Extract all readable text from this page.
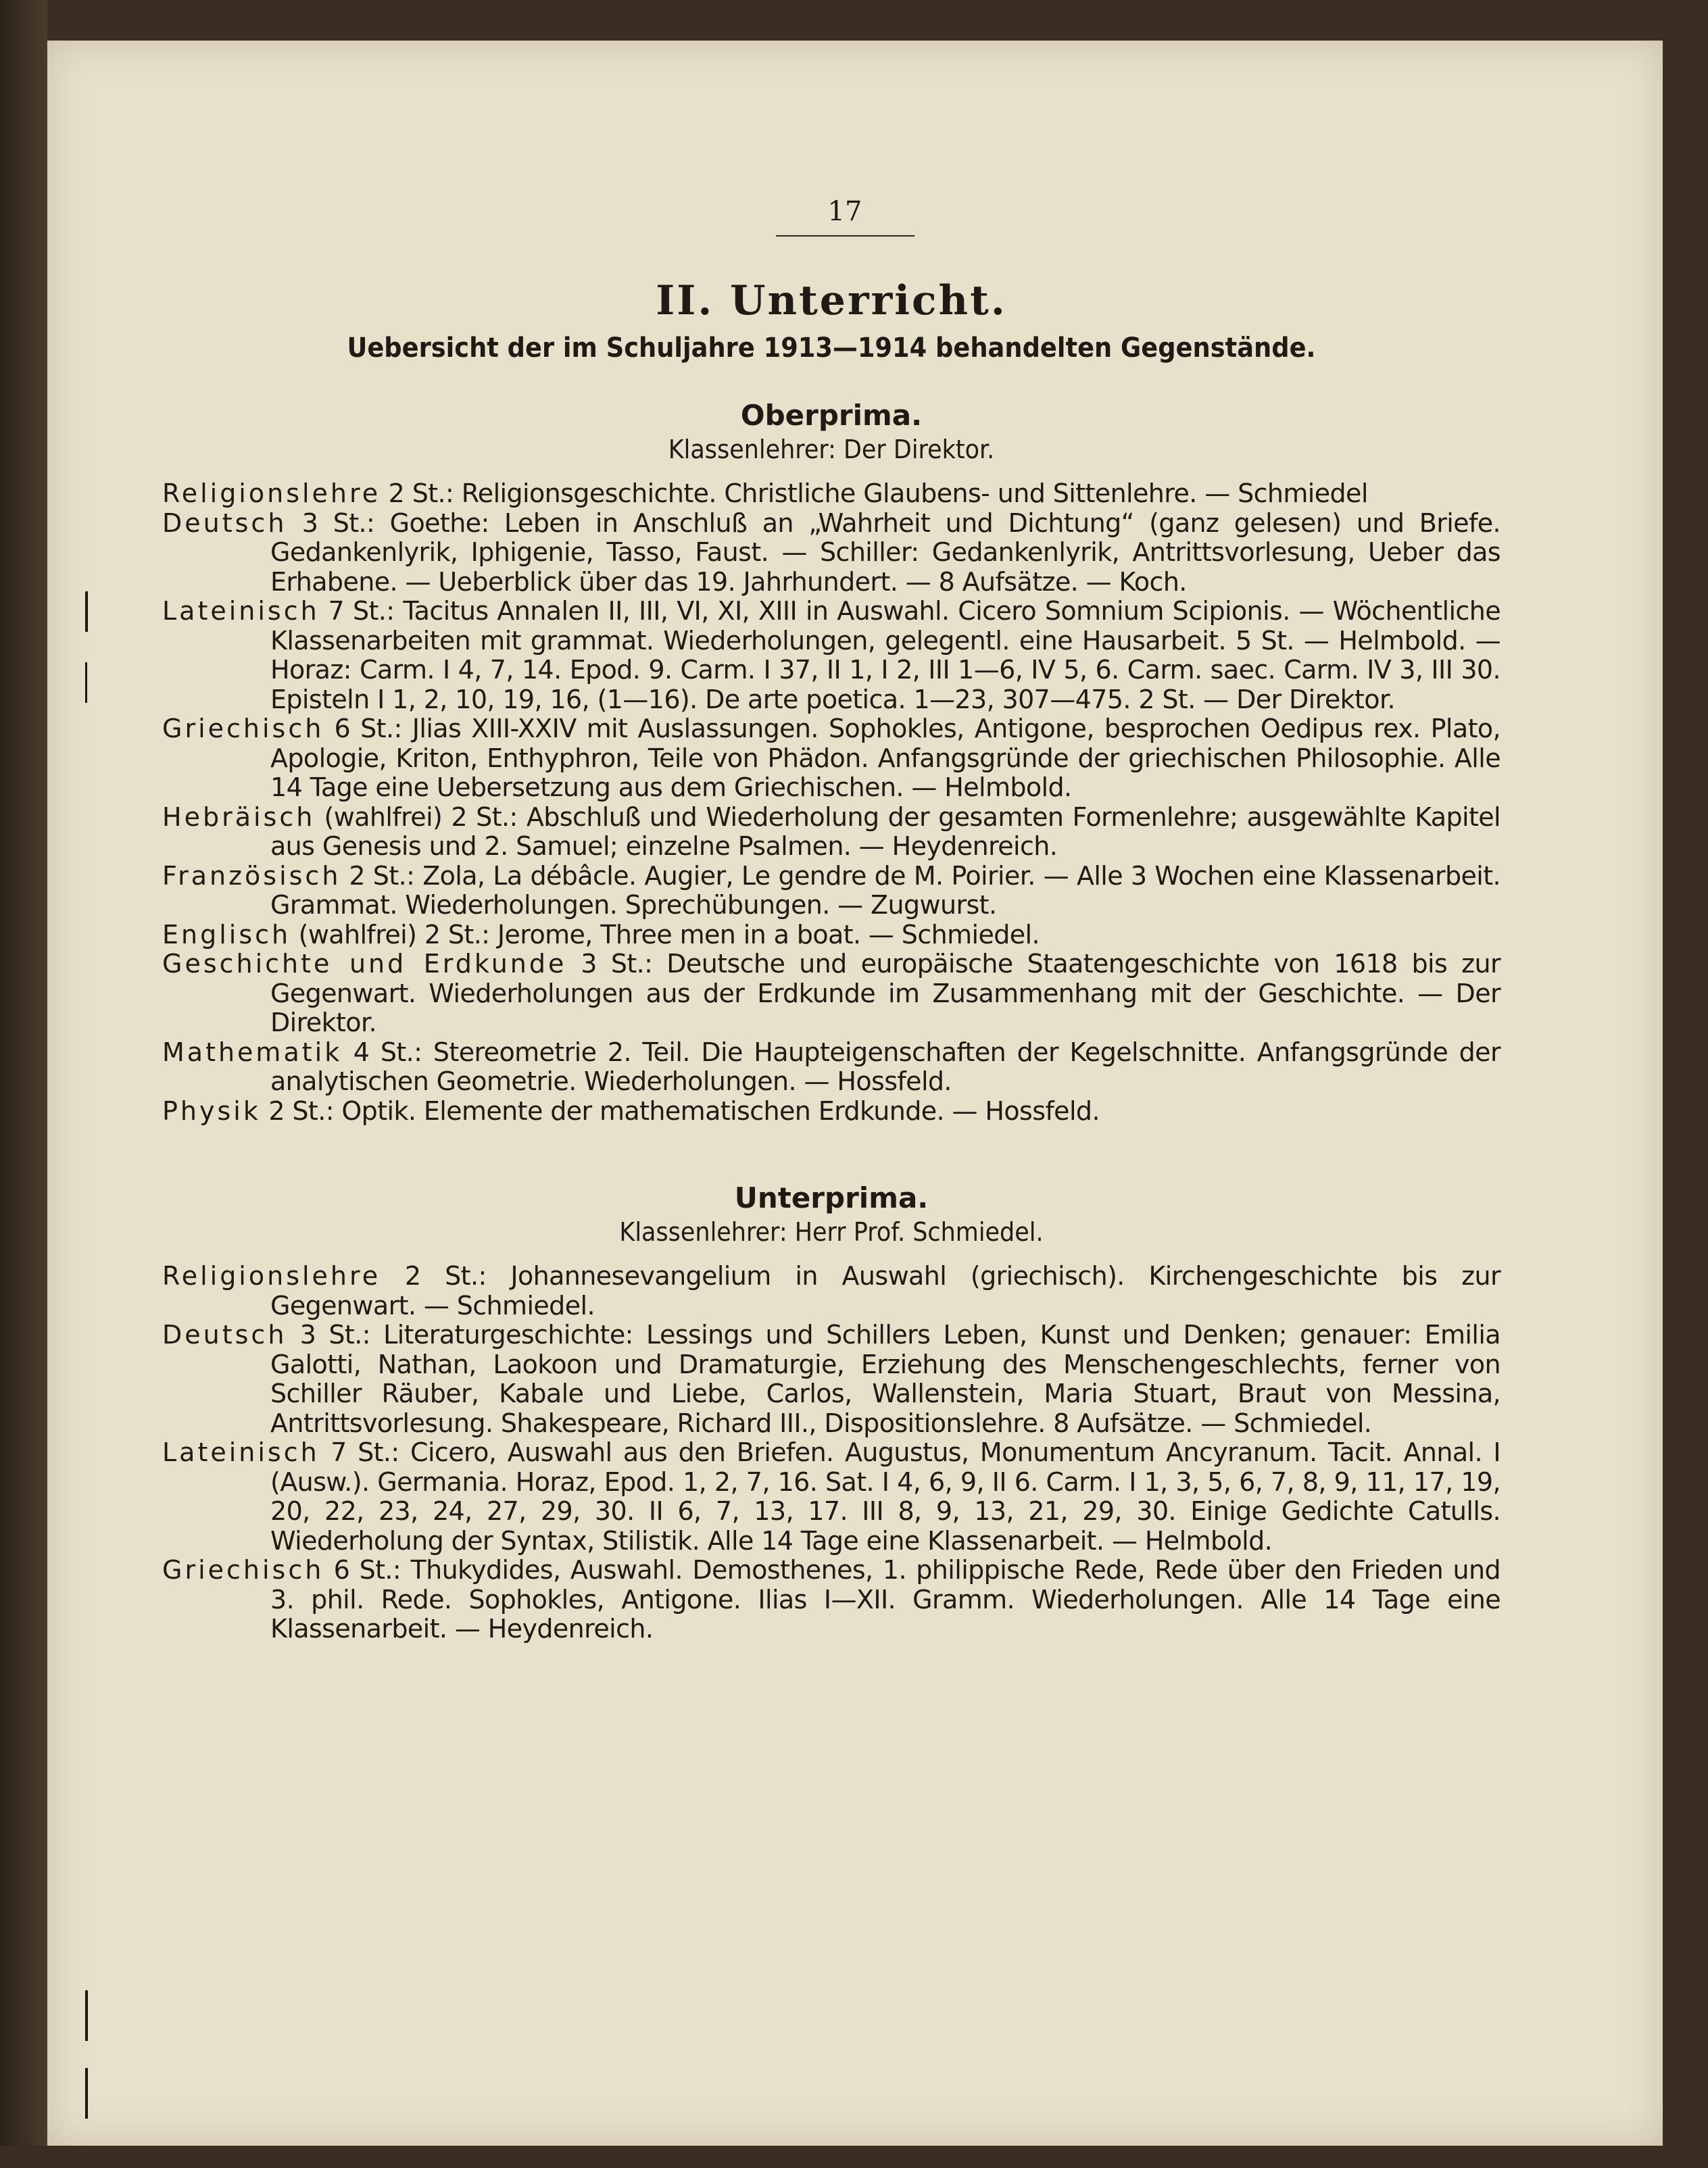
17
II. Unterricht.
Uebersicht der im Schuljahre 1913—1914 behandelten Gegenstände.
Oberprima.
Klassenlehrer: Der Direktor.

Religionslehre 2 St.: Religionsgeschichte. Christliche Glaubens- und Sittenlehre. — Schmiedel

Deutsch 3 St.: Goethe: Leben in Anschluß an „Wahrheit und Dichtung“ (ganz gelesen) und Briefe. Gedankenlyrik, Iphigenie, Tasso, Faust. — Schiller: Gedankenlyrik, Antrittsvorlesung, Ueber das Erhabene. — Ueberblick über das 19. Jahrhundert. — 8 Aufsätze. — Koch.

Lateinisch 7 St.: Tacitus Annalen II, III, VI, XI, XIII in Auswahl. Cicero Somnium Scipionis. — Wöchentliche Klassenarbeiten mit grammat. Wiederholungen, gelegentl. eine Hausarbeit. 5 St. — Helmbold. — Horaz: Carm. I 4, 7, 14. Epod. 9. Carm. I 37, II 1, I 2, III 1—6, IV 5, 6. Carm. saec. Carm. IV 3, III 30. Episteln I 1, 2, 10, 19, 16, (1—16). De arte poetica. 1—23, 307—475. 2 St. — Der Direktor.

Griechisch 6 St.: Jlias XIII-XXIV mit Auslassungen. Sophokles, Antigone, besprochen Oedipus rex. Plato, Apologie, Kriton, Enthyphron, Teile von Phädon. Anfangsgründe der griechischen Philosophie. Alle 14 Tage eine Uebersetzung aus dem Griechischen. — Helmbold.

Hebräisch (wahlfrei) 2 St.: Abschluß und Wiederholung der gesamten Formenlehre; ausgewählte Kapitel aus Genesis und 2. Samuel; einzelne Psalmen. — Heydenreich.

Französisch 2 St.: Zola, La débâcle. Augier, Le gendre de M. Poirier. — Alle 3 Wochen eine Klassenarbeit. Grammat. Wiederholungen. Sprechübungen. — Zugwurst.

Englisch (wahlfrei) 2 St.: Jerome, Three men in a boat. — Schmiedel.

Geschichte und Erdkunde 3 St.: Deutsche und europäische Staatengeschichte von 1618 bis zur Gegenwart. Wiederholungen aus der Erdkunde im Zusammenhang mit der Geschichte. — Der Direktor.

Mathematik 4 St.: Stereometrie 2. Teil. Die Haupteigenschaften der Kegelschnitte. Anfangsgründe der analytischen Geometrie. Wiederholungen. — Hossfeld.

Physik 2 St.: Optik. Elemente der mathematischen Erdkunde. — Hossfeld.

Unterprima.
Klassenlehrer: Herr Prof. Schmiedel.

Religionslehre 2 St.: Johannesevangelium in Auswahl (griechisch). Kirchengeschichte bis zur Gegenwart. — Schmiedel.

Deutsch 3 St.: Literaturgeschichte: Lessings und Schillers Leben, Kunst und Denken; genauer: Emilia Galotti, Nathan, Laokoon und Dramaturgie, Erziehung des Menschengeschlechts, ferner von Schiller Räuber, Kabale und Liebe, Carlos, Wallenstein, Maria Stuart, Braut von Messina, Antrittsvorlesung. Shakespeare, Richard III., Dispositionslehre. 8 Aufsätze. — Schmiedel.

Lateinisch 7 St.: Cicero, Auswahl aus den Briefen. Augustus, Monumentum Ancyranum. Tacit. Annal. I (Ausw.). Germania. Horaz, Epod. 1, 2, 7, 16. Sat. I 4, 6, 9, II 6. Carm. I 1, 3, 5, 6, 7, 8, 9, 11, 17, 19, 20, 22, 23, 24, 27, 29, 30. II 6, 7, 13, 17. III 8, 9, 13, 21, 29, 30. Einige Gedichte Catulls. Wiederholung der Syntax, Stilistik. Alle 14 Tage eine Klassenarbeit. — Helmbold.

Griechisch 6 St.: Thukydides, Auswahl. Demosthenes, 1. philippische Rede, Rede über den Frieden und 3. phil. Rede. Sophokles, Antigone. Ilias I—XII. Gramm. Wiederholungen. Alle 14 Tage eine Klassenarbeit. — Heydenreich.
